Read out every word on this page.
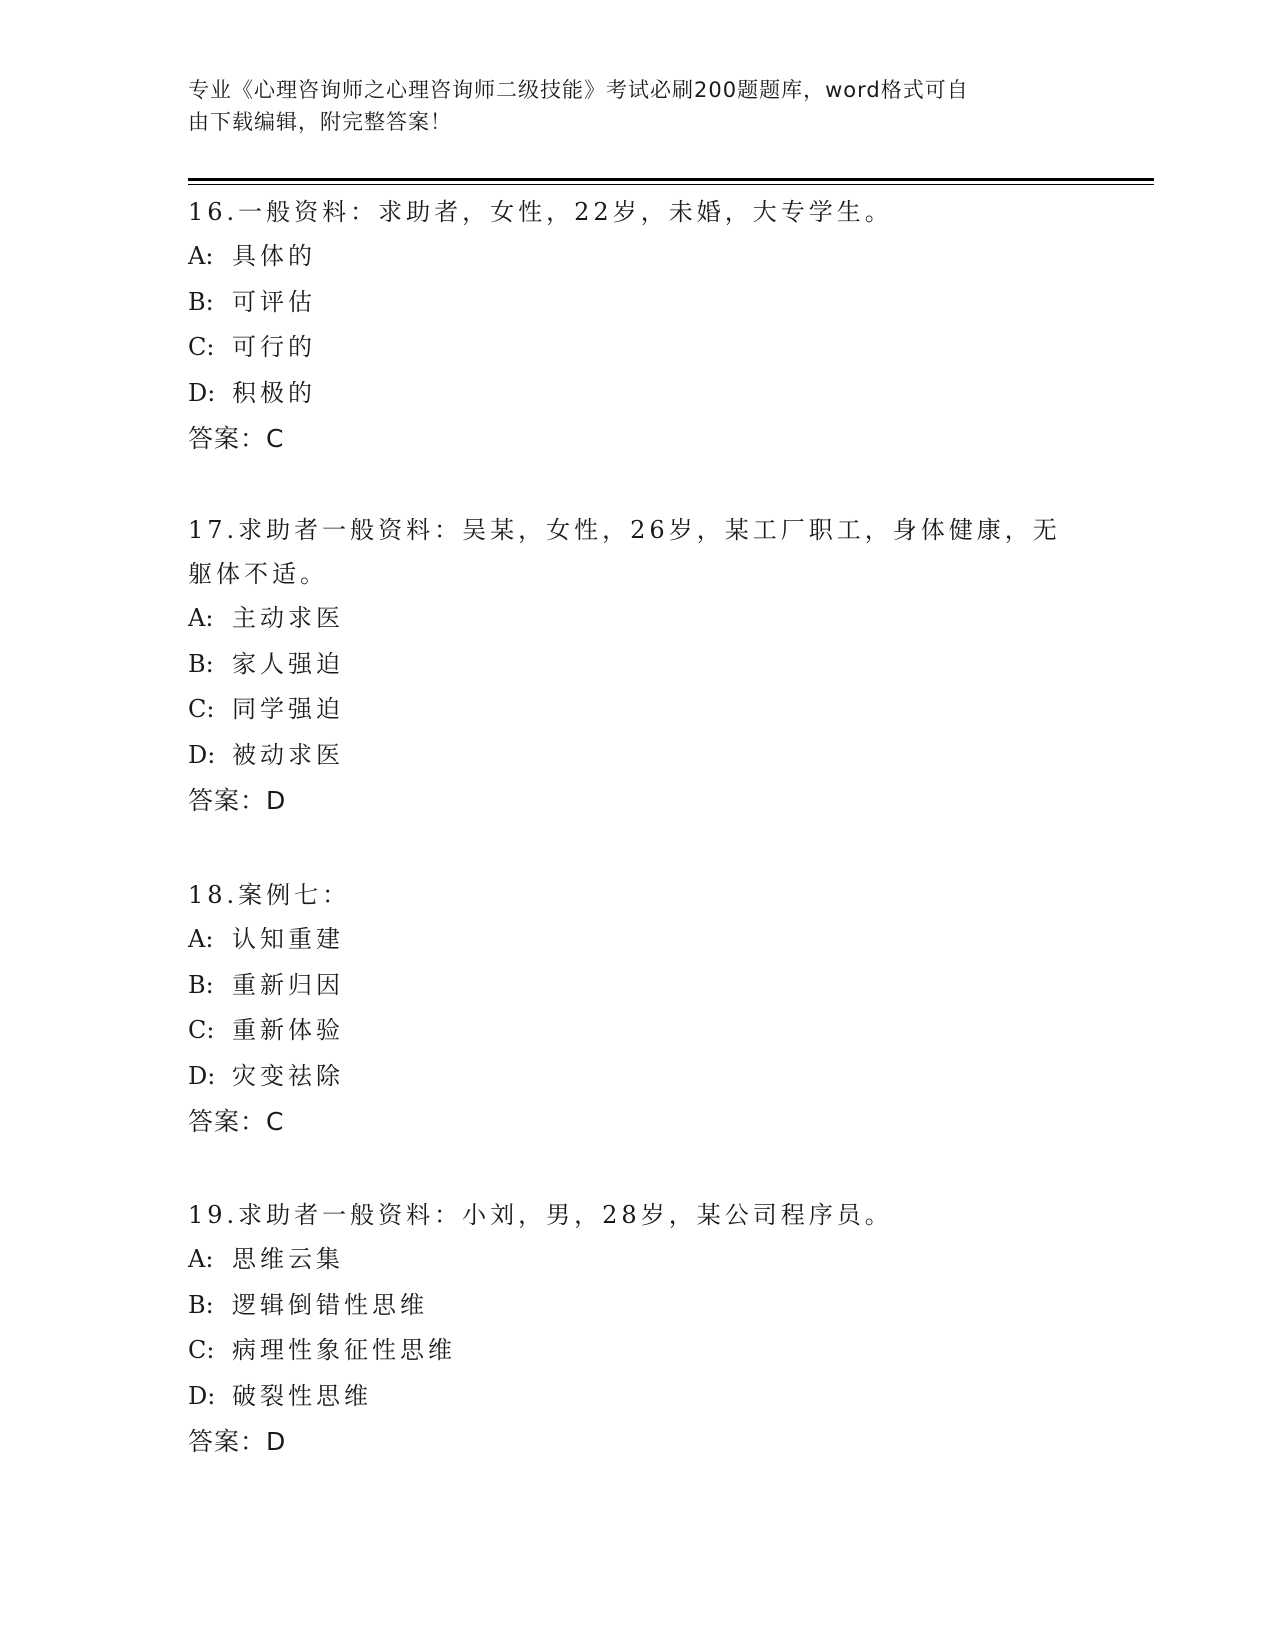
专业《心理咨询师之心理咨询师二级技能》考试必刷200题题库，word格式可自
由下载编辑，附完整答案！
16.一般资料：求助者，女性，22岁，未婚，大专学生。
A: 具体的
B: 可评估
C: 可行的
D: 积极的
答案：C
17.求助者一般资料：吴某，女性，26岁，某工厂职工，身体健康，无躯体不适。
A: 主动求医
B: 家人强迫
C: 同学强迫
D: 被动求医
答案：D
18.案例七：
A: 认知重建
B: 重新归因
C: 重新体验
D: 灾变祛除
答案：C
19.求助者一般资料：小刘，男，28岁，某公司程序员。
A: 思维云集
B: 逻辑倒错性思维
C: 病理性象征性思维
D: 破裂性思维
答案：D
